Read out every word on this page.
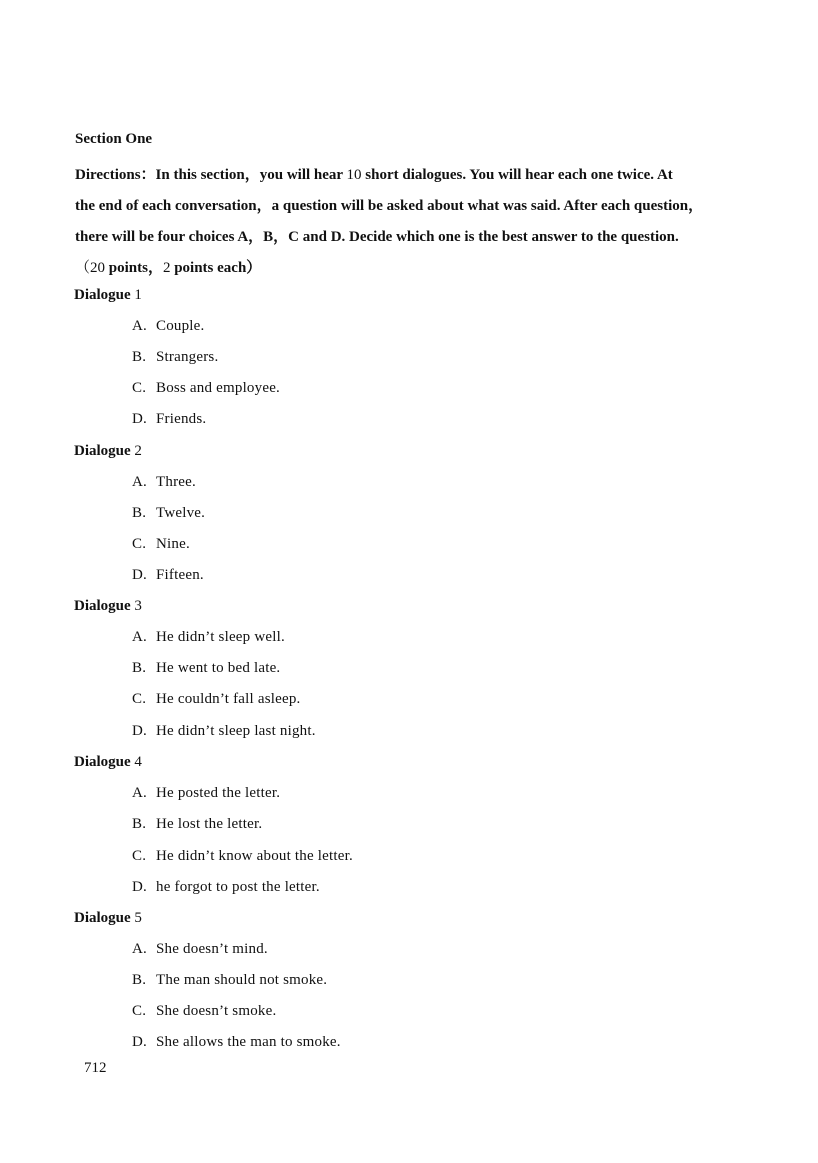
Section One
Directions：In this section，you will hear 10 short dialogues. You will hear each one twice. At
the end of each conversation，a question will be asked about what was said. After each question，
there will be four choices A，B，C and D. Decide which one is the best answer to the question.
（20 points，2 points each）
Dialogue 1
A. Couple.
B. Strangers.
C. Boss and employee.
D. Friends.
Dialogue 2
A. Three.
B. Twelve.
C. Nine.
D. Fifteen.
Dialogue 3
A. He didn’t sleep well.
B. He went to bed late.
C. He couldn’t fall asleep.
D. He didn’t sleep last night.
Dialogue 4
A. He posted the letter.
B. He lost the letter.
C. He didn’t know about the letter.
D. he forgot to post the letter.
Dialogue 5
A. She doesn’t mind.
B. The man should not smoke.
C. She doesn’t smoke.
D. She allows the man to smoke.
712
